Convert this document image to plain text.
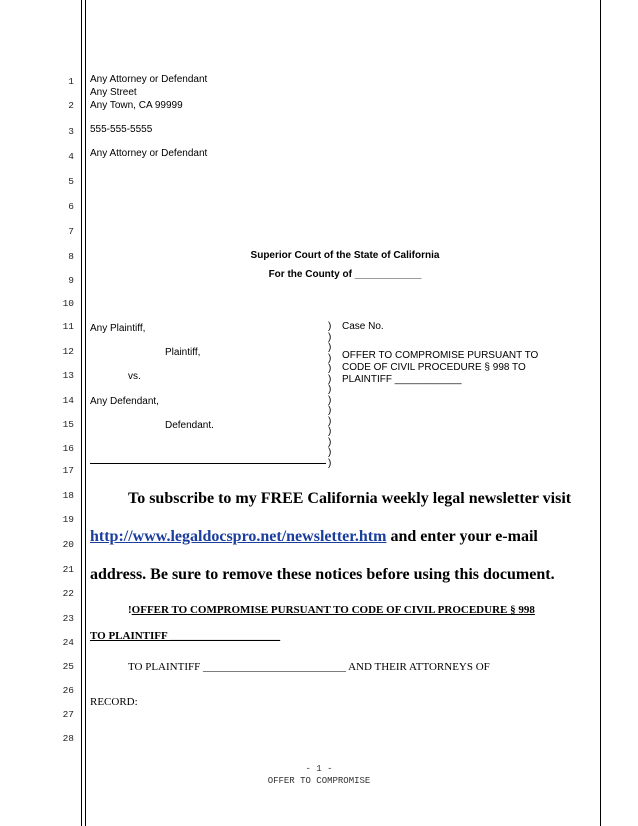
1
2
3
4
5
6
7
8
9
10
11
12
13
14
15
16
17
18
19
20
21
22
23
24
25
26
27
28
Any Attorney or Defendant
Any Street
Any Town, CA 99999
555-555-5555
Any Attorney or Defendant
Superior Court of the State of California
For the County of ____________
Any Plaintiff,
Plaintiff,
vs.
Any Defendant,
Defendant.
)
)
)
)
)
)
)
)
)
)
)
)
)
)
Case No.
OFFER TO COMPROMISE PURSUANT TO
CODE OF CIVIL PROCEDURE § 998 TO
PLAINTIFF ____________
To subscribe to my FREE California weekly legal newsletter visit
http://www.legaldocspro.net/newsletter.htm and enter your e-mail
address. Be sure to remove these notices before using this document.
!OFFER TO COMPROMISE PURSUANT TO CODE OF CIVIL PROCEDURE § 998
TO PLAINTIFF ____________________
TO PLAINTIFF __________________________ AND THEIR ATTORNEYS OF
RECORD:
- 1 -
OFFER TO COMPROMISE
